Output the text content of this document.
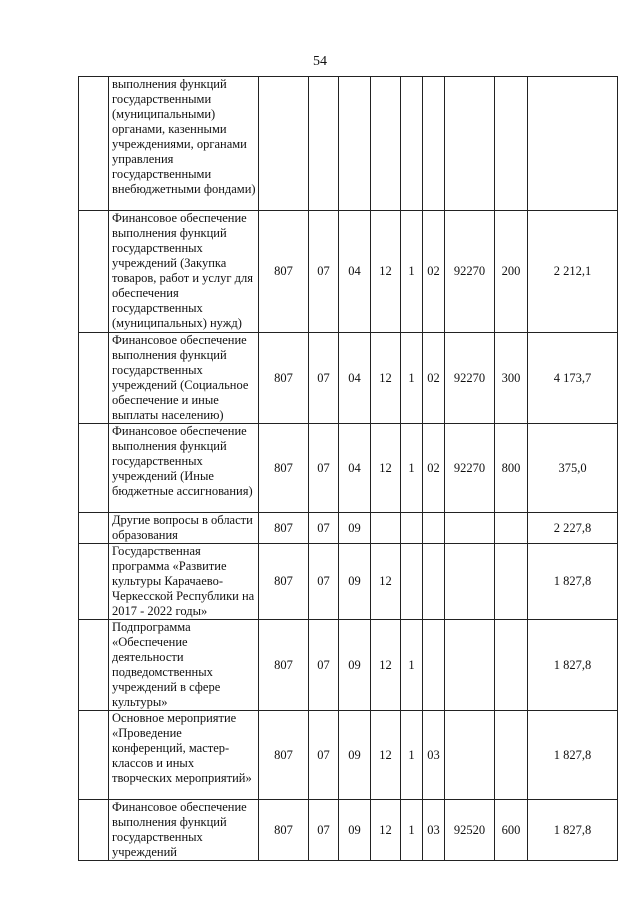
54
	выполнения функций государственными (муниципальными) органами, казенными учреждениями, органами управления государственными внебюджетными фондами)									
	Финансовое обеспечение выполнения функций государственных учреждений (Закупка товаров, работ и услуг для обеспечения государственных (муниципальных) нужд)	807	07	04	12	1	02	92270	200	2 212,1
	Финансовое обеспечение выполнения функций государственных учреждений (Социальное обеспечение и иные выплаты населению)	807	07	04	12	1	02	92270	300	4 173,7
	Финансовое обеспечение выполнения функций государственных учреждений (Иные бюджетные ассигнования)	807	07	04	12	1	02	92270	800	375,0
	Другие вопросы в области образования	807	07	09						2 227,8
	Государственная программа «Развитие культуры Карачаево-Черкесской Республики на 2017 - 2022 годы»	807	07	09	12					1 827,8
	Подпрограмма «Обеспечение деятельности подведомственных учреждений в сфере культуры»	807	07	09	12	1				1 827,8
	Основное мероприятие «Проведение конференций, мастер-классов и иных творческих мероприятий»	807	07	09	12	1	03			1 827,8
	Финансовое обеспечение выполнения функций государственных учреждений	807	07	09	12	1	03	92520	600	1 827,8
